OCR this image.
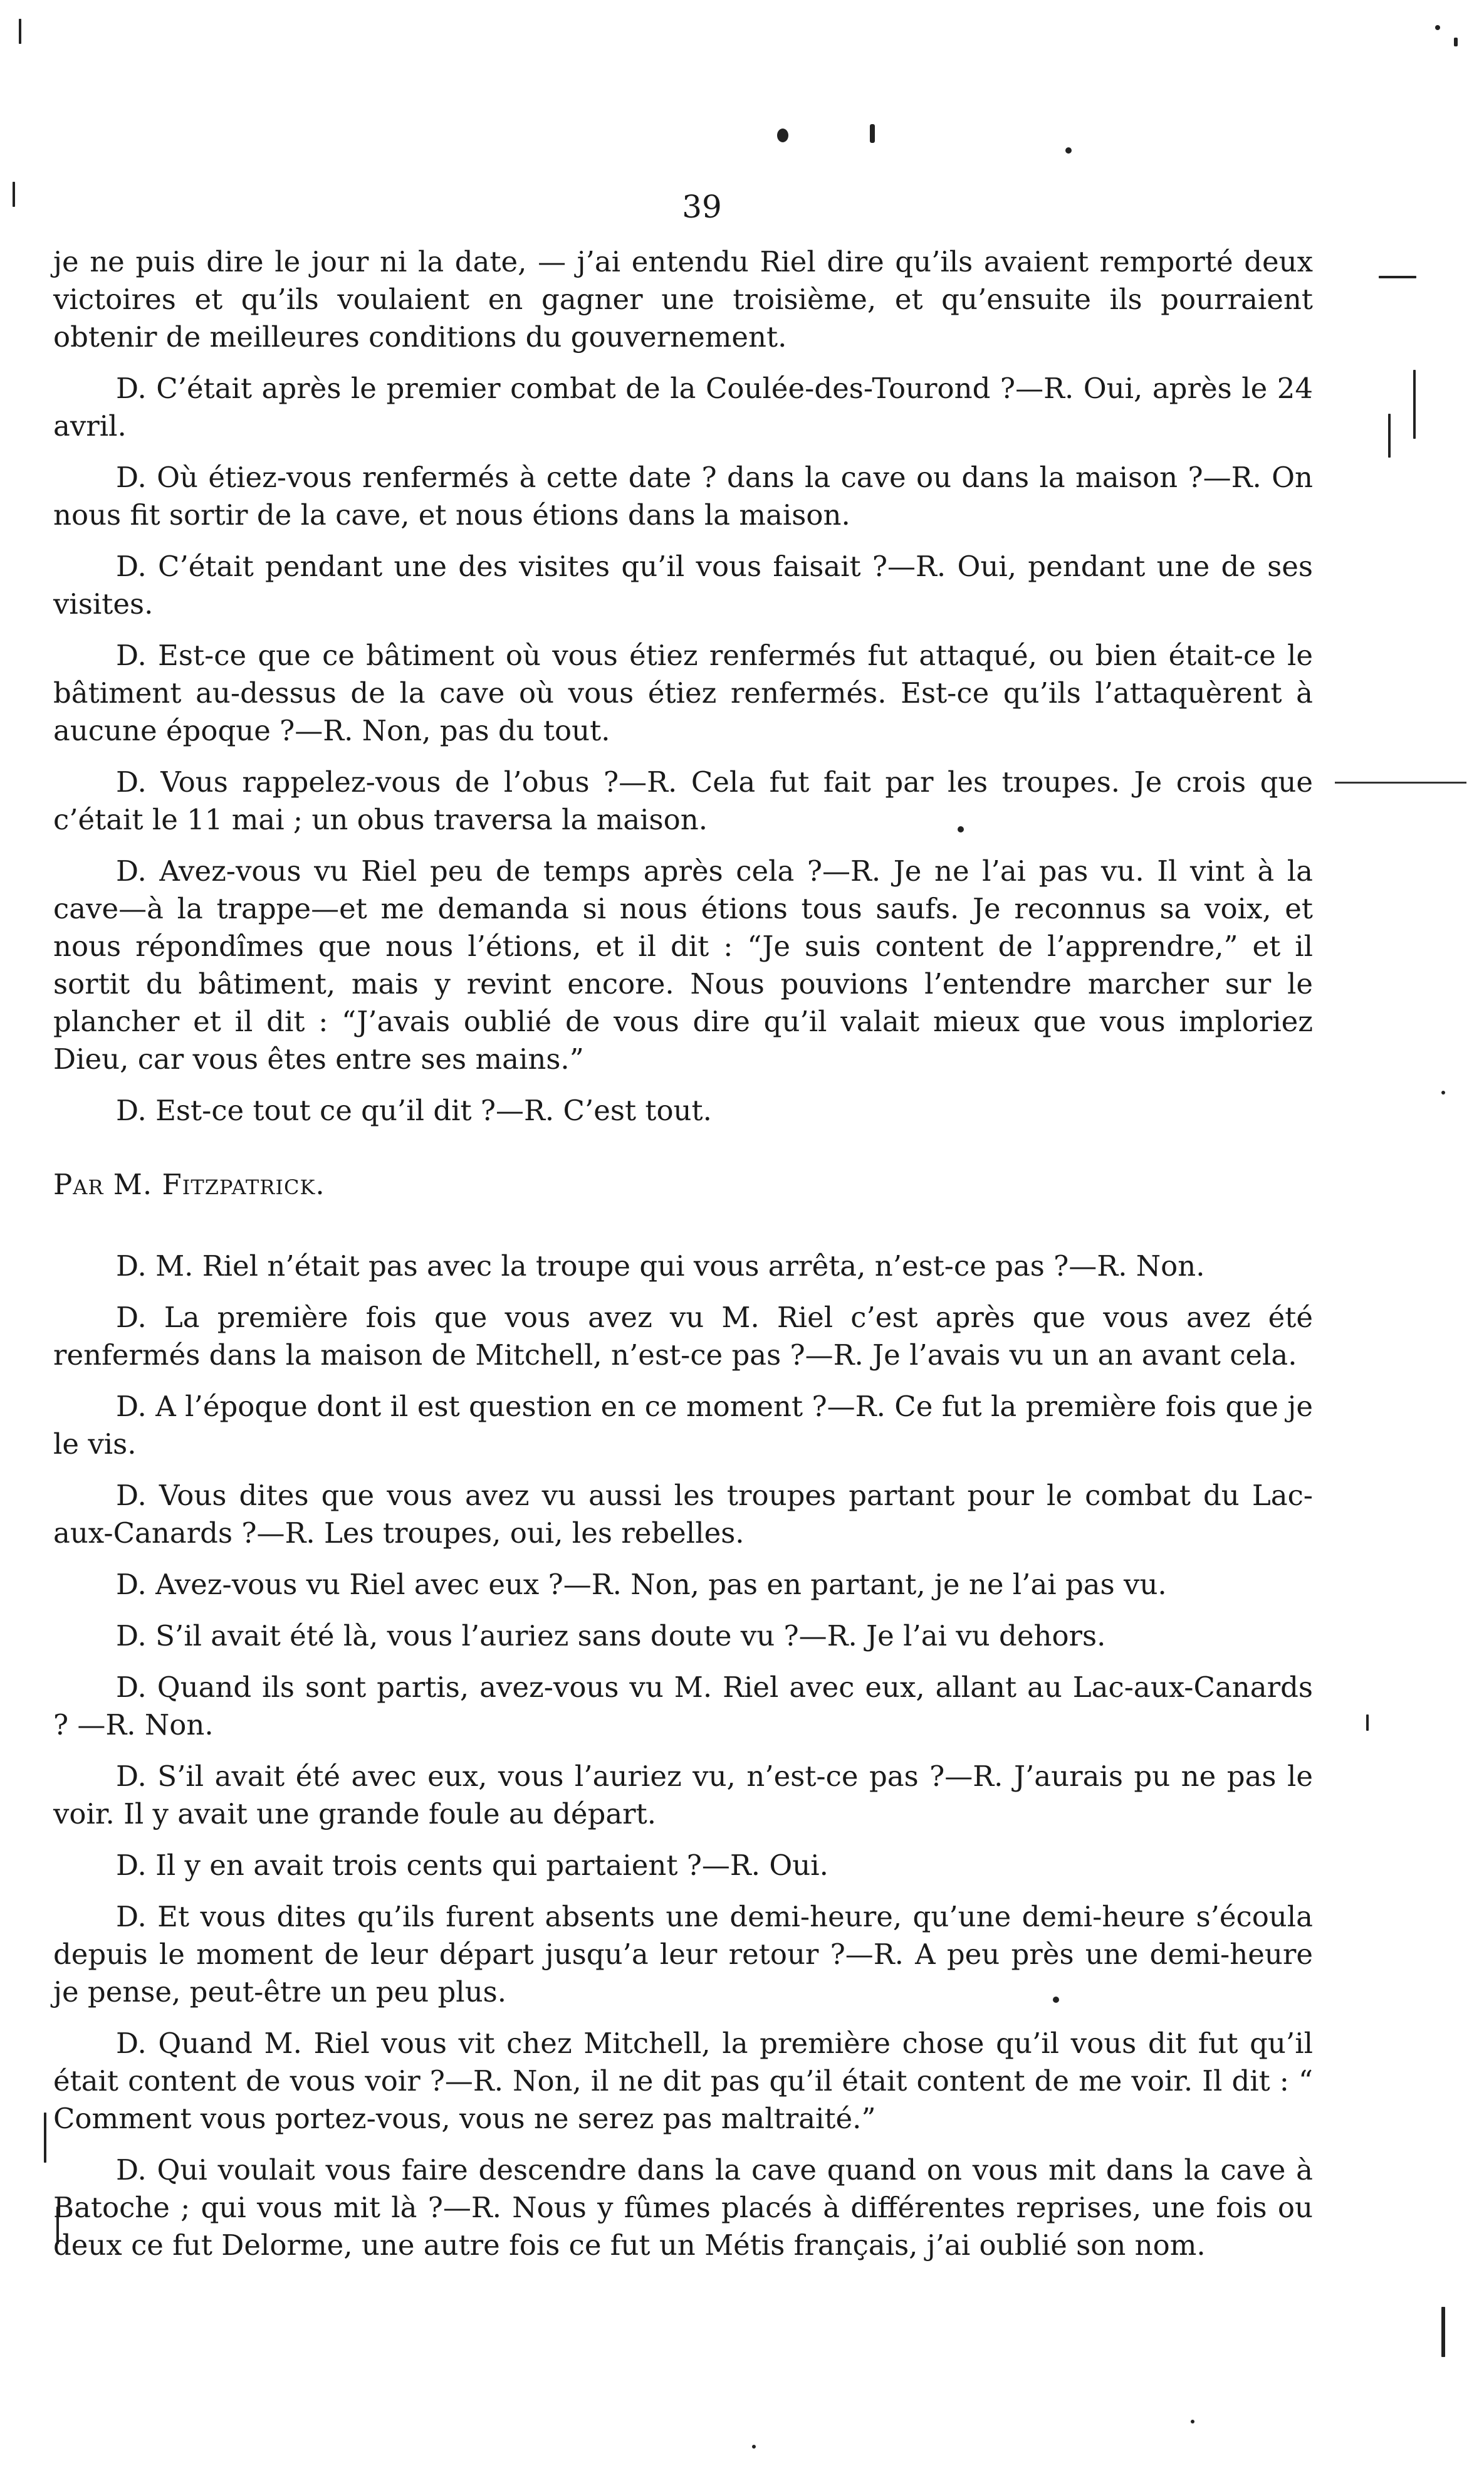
39

je ne puis dire le jour ni la date, — j’ai entendu Riel dire qu’ils avaient remporté deux victoires et qu’ils voulaient en gagner une troisième, et qu’ensuite ils pourraient obtenir de meilleures conditions du gouvernement.

D. C’était après le premier combat de la Coulée-des-Tourond ?—R. Oui, après le 24 avril.

D. Où étiez-vous renfermés à cette date ? dans la cave ou dans la maison ?—R. On nous fit sortir de la cave, et nous étions dans la maison.

D. C’était pendant une des visites qu’il vous faisait ?—R. Oui, pendant une de ses visites.

D. Est-ce que ce bâtiment où vous étiez renfermés fut attaqué, ou bien était-ce le bâtiment au-dessus de la cave où vous étiez renfermés. Est-ce qu’ils l’attaquèrent à aucune époque ?—R. Non, pas du tout.

D. Vous rappelez-vous de l’obus ?—R. Cela fut fait par les troupes. Je crois que c’était le 11 mai ; un obus traversa la maison.

D. Avez-vous vu Riel peu de temps après cela ?—R. Je ne l’ai pas vu. Il vint à la cave—à la trappe—et me demanda si nous étions tous saufs. Je reconnus sa voix, et nous répondîmes que nous l’étions, et il dit : “Je suis content de l’apprendre,” et il sortit du bâtiment, mais y revint encore. Nous pouvions l’entendre marcher sur le plancher et il dit : “J’avais oublié de vous dire qu’il valait mieux que vous imploriez Dieu, car vous êtes entre ses mains.”

D. Est-ce tout ce qu’il dit ?—R. C’est tout.

Par M. Fitzpatrick.

D. M. Riel n’était pas avec la troupe qui vous arrêta, n’est-ce pas ?—R. Non.

D. La première fois que vous avez vu M. Riel c’est après que vous avez été renfermés dans la maison de Mitchell, n’est-ce pas ?—R. Je l’avais vu un an avant cela.

D. A l’époque dont il est question en ce moment ?—R. Ce fut la première fois que je le vis.

D. Vous dites que vous avez vu aussi les troupes partant pour le combat du Lac-aux-Canards ?—R. Les troupes, oui, les rebelles.

D. Avez-vous vu Riel avec eux ?—R. Non, pas en partant, je ne l’ai pas vu.

D. S’il avait été là, vous l’auriez sans doute vu ?—R. Je l’ai vu dehors.

D. Quand ils sont partis, avez-vous vu M. Riel avec eux, allant au Lac-aux-Canards ? —R. Non.

D. S’il avait été avec eux, vous l’auriez vu, n’est-ce pas ?—R. J’aurais pu ne pas le voir. Il y avait une grande foule au départ.

D. Il y en avait trois cents qui partaient ?—R. Oui.

D. Et vous dites qu’ils furent absents une demi-heure, qu’une demi-heure s’écoula depuis le moment de leur départ jusqu’a leur retour ?—R. A peu près une demi-heure je pense, peut-être un peu plus.

D. Quand M. Riel vous vit chez Mitchell, la première chose qu’il vous dit fut qu’il était content de vous voir ?—R. Non, il ne dit pas qu’il était content de me voir. Il dit : “ Comment vous portez-vous, vous ne serez pas maltraité.”

D. Qui voulait vous faire descendre dans la cave quand on vous mit dans la cave à Batoche ; qui vous mit là ?—R. Nous y fûmes placés à différentes reprises, une fois ou deux ce fut Delorme, une autre fois ce fut un Métis français, j’ai oublié son nom.
